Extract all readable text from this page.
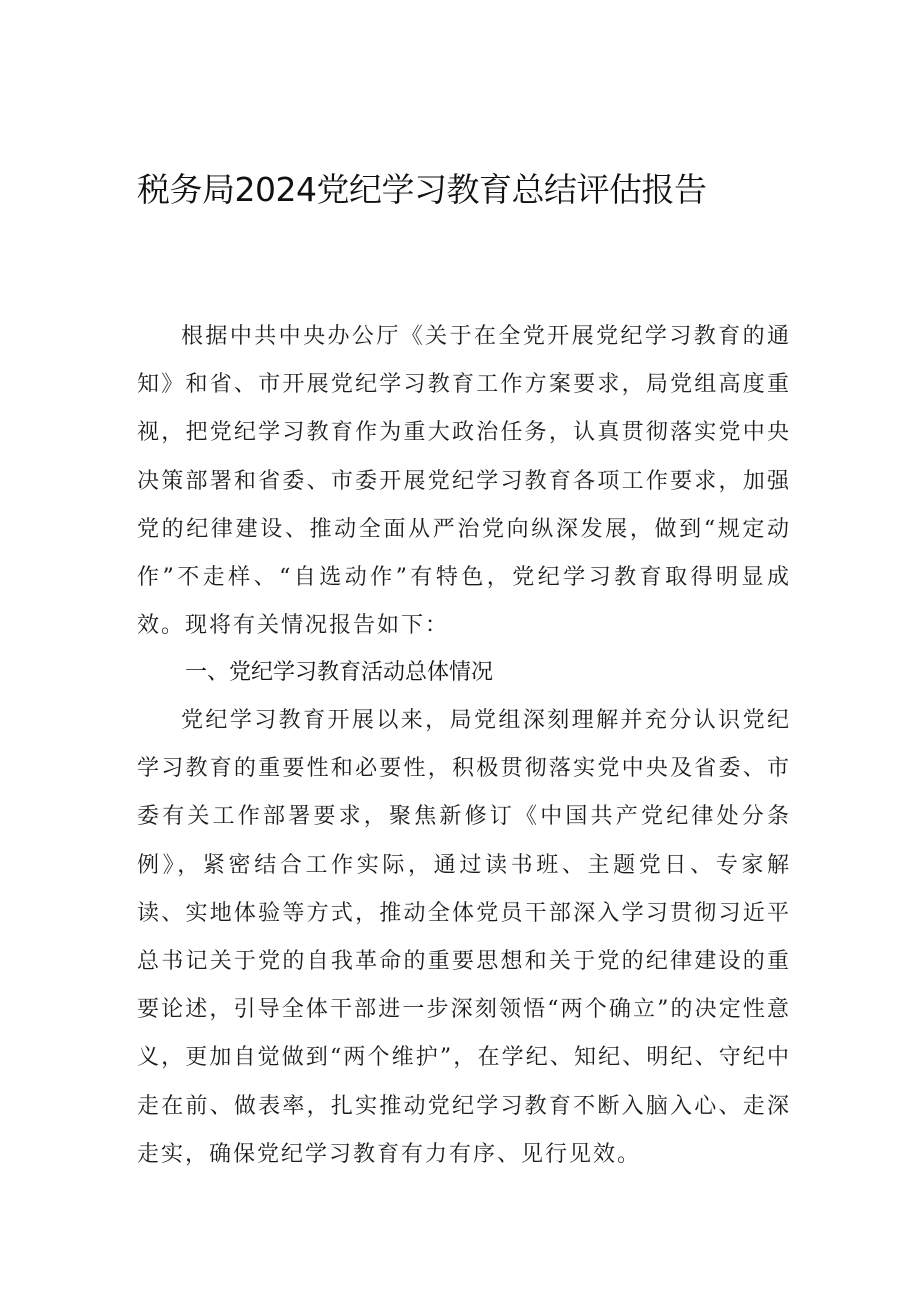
税务局2024党纪学习教育总结评估报告

根据中共中央办公厅《关于在全党开展党纪学习教育的通知》和省、市开展党纪学习教育工作方案要求，局党组高度重视，把党纪学习教育作为重大政治任务，认真贯彻落实党中央决策部署和省委、市委开展党纪学习教育各项工作要求，加强党的纪律建设、推动全面从严治党向纵深发展，做到“规定动作”不走样、“自选动作”有特色，党纪学习教育取得明显成效。现将有关情况报告如下：

一、党纪学习教育活动总体情况

党纪学习教育开展以来，局党组深刻理解并充分认识党纪学习教育的重要性和必要性，积极贯彻落实党中央及省委、市委有关工作部署要求，聚焦新修订《中国共产党纪律处分条例》，紧密结合工作实际，通过读书班、主题党日、专家解读、实地体验等方式，推动全体党员干部深入学习贯彻习近平总书记关于党的自我革命的重要思想和关于党的纪律建设的重要论述，引导全体干部进一步深刻领悟“两个确立”的决定性意义，更加自觉做到“两个维护”，在学纪、知纪、明纪、守纪中走在前、做表率，扎实推动党纪学习教育不断入脑入心、走深走实，确保党纪学习教育有力有序、见行见效。
